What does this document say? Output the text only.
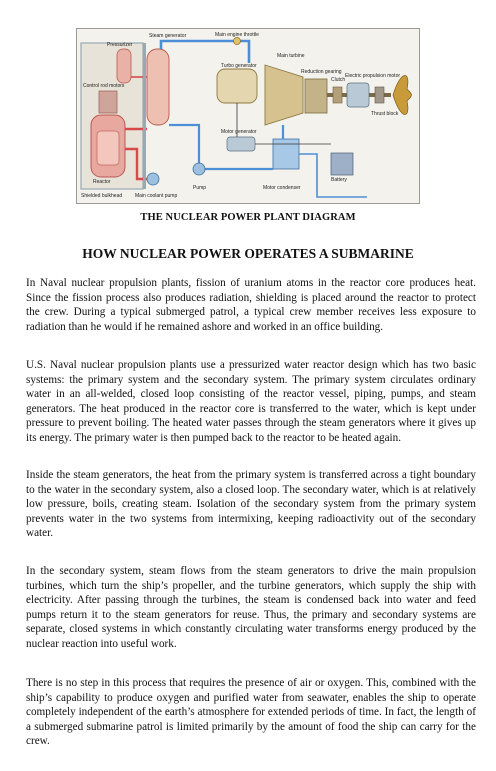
Steam generator
Pressurizer
Main engine throttle
Main turbine
Turbo generator
Reduction gearing
Clutch
Electric propulsion motor
Thrust block
Control rod motors
Reactor
Motor generator
Battery
Shielded bulkhead	Main coolant pump
Pump	Motor condenser
THE NUCLEAR POWER PLANT DIAGRAM
HOW NUCLEAR POWER OPERATES A SUBMARINE

In Naval nuclear propulsion plants, fission of uranium atoms in the reactor core produces heat. Since the fission process also produces radiation, shielding is placed around the reactor to protect the crew. During a typical submerged patrol, a typical crew member receives less exposure to radiation than he would if he remained ashore and worked in an office building.

U.S. Naval nuclear propulsion plants use a pressurized water reactor design which has two basic systems: the primary system and the secondary system. The primary system circulates ordinary water in an all-welded, closed loop consisting of the reactor vessel, piping, pumps, and steam generators. The heat produced in the reactor core is transferred to the water, which is kept under pressure to prevent boiling. The heated water passes through the steam generators where it gives up its energy. The primary water is then pumped back to the reactor to be heated again.

Inside the steam generators, the heat from the primary system is transferred across a tight boundary to the water in the secondary system, also a closed loop. The secondary water, which is at relatively low pressure, boils, creating steam. Isolation of the secondary system from the primary system prevents water in the two systems from intermixing, keeping radioactivity out of the secondary water.

In the secondary system, steam flows from the steam generators to drive the main propulsion turbines, which turn the ship’s propeller, and the turbine generators, which supply the ship with electricity. After passing through the turbines, the steam is condensed back into water and feed pumps return it to the steam generators for reuse. Thus, the primary and secondary systems are separate, closed systems in which constantly circulating water transforms energy produced by the nuclear reaction into useful work.

There is no step in this process that requires the presence of air or oxygen. This, combined with the ship’s capability to produce oxygen and purified water from seawater, enables the ship to operate completely independent of the earth’s atmosphere for extended periods of time. In fact, the length of a submerged submarine patrol is limited primarily by the amount of food the ship can carry for the crew.
